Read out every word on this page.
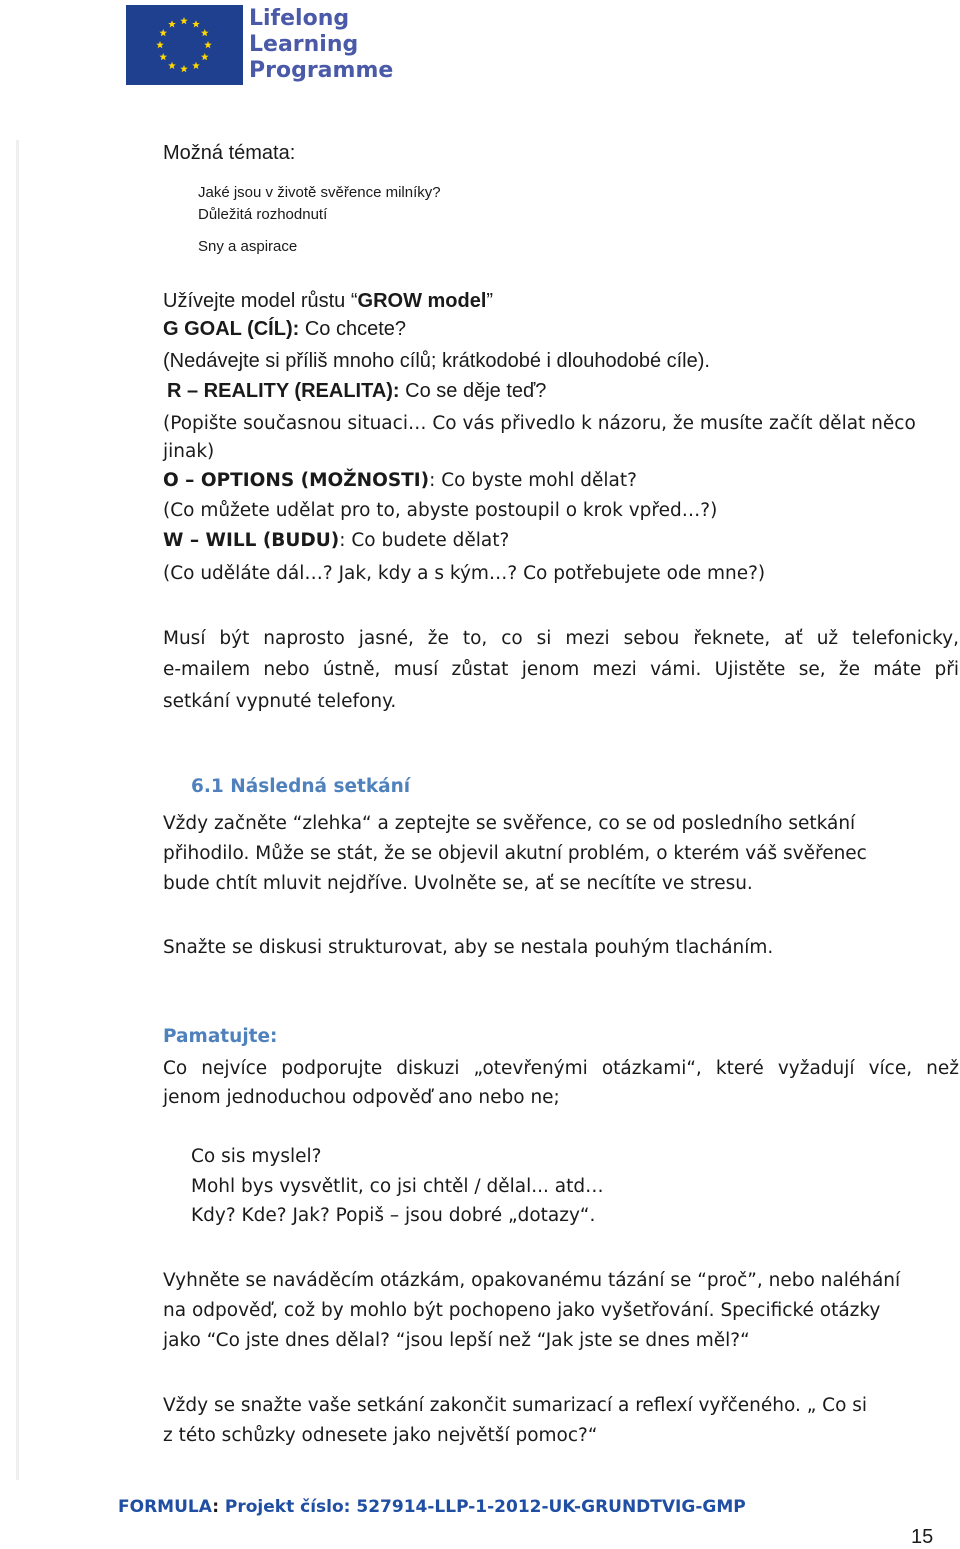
Lifelong
Learning
Programme
Možná témata:
Jaké jsou v životě svěřence milníky?
Důležitá rozhodnutí
Sny a aspirace
Užívejte model růstu “GROW model”
G GOAL (CÍL): Co chcete?
(Nedávejte si příliš mnoho cílů; krátkodobé i dlouhodobé cíle).
R – REALITY (REALITA): Co se děje teď?
(Popište současnou situaci… Co vás přivedlo k názoru, že musíte začít dělat něco
jinak)
O – OPTIONS (MOŽNOSTI): Co byste mohl dělat?
(Co můžete udělat pro to, abyste postoupil o krok vpřed…?)
W – WILL (BUDU): Co budete dělat?
(Co uděláte dál…? Jak, kdy a s kým…? Co potřebujete ode mne?)
Musí být naprosto jasné, že to, co si mezi sebou řeknete, ať už telefonicky,
e-mailem nebo ústně, musí zůstat jenom mezi vámi. Ujistěte se, že máte při
setkání vypnuté telefony.
6.1 Následná setkání
Vždy začněte “zlehka“ a zeptejte se svěřence, co se od posledního setkání
přihodilo. Může se stát, že se objevil akutní problém, o kterém váš svěřenec
bude chtít mluvit nejdříve. Uvolněte se, ať se necítíte ve stresu.
Snažte se diskusi strukturovat, aby se nestala pouhým tlacháním.
Pamatujte:
Co nejvíce podporujte diskuzi „otevřenými otázkami“, které vyžadují více, než
jenom jednoduchou odpověď ano nebo ne;
Co sis myslel?
Mohl bys vysvětlit, co jsi chtěl / dělal... atd…
Kdy? Kde? Jak? Popiš – jsou dobré „dotazy“.
Vyhněte se naváděcím otázkám, opakovanému tázání se “proč”, nebo naléhání
na odpověď, což by mohlo být pochopeno jako vyšetřování. Specifické otázky
jako “Co jste dnes dělal? “jsou lepší než “Jak jste se dnes měl?“
Vždy se snažte vaše setkání zakončit sumarizací a reflexí vyřčeného. „ Co si
z této schůzky odnesete jako největší pomoc?“
FORMULA: Projekt číslo: 527914-LLP-1-2012-UK-GRUNDTVIG-GMP
15
